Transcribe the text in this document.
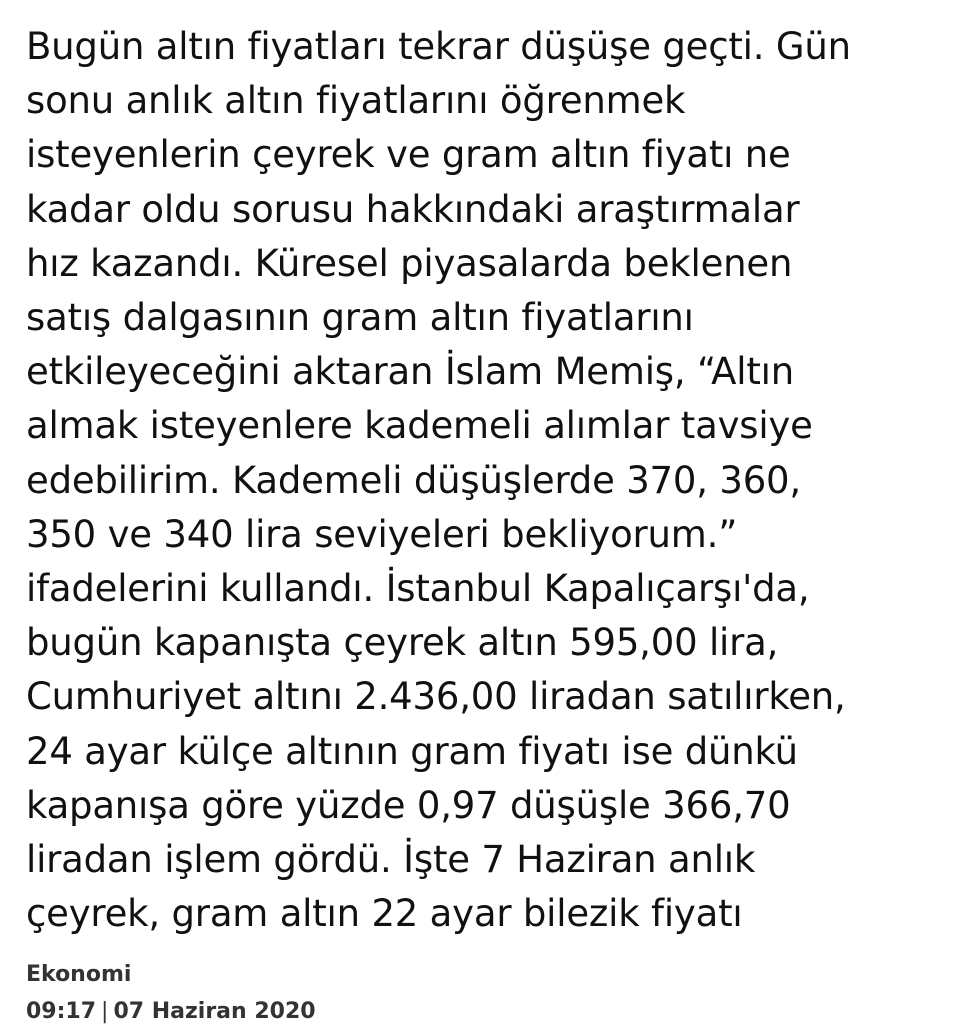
Bugün altın fiyatları tekrar düşüşe geçti. Gün
sonu anlık altın fiyatlarını öğrenmek
isteyenlerin çeyrek ve gram altın fiyatı ne
kadar oldu sorusu hakkındaki araştırmalar
hız kazandı. Küresel piyasalarda beklenen
satış dalgasının gram altın fiyatlarını
etkileyeceğini aktaran İslam Memiş, “Altın
almak isteyenlere kademeli alımlar tavsiye
edebilirim. Kademeli düşüşlerde 370, 360,
350 ve 340 lira seviyeleri bekliyorum.”
ifadelerini kullandı. İstanbul Kapalıçarşı'da,
bugün kapanışta çeyrek altın 595,00 lira,
Cumhuriyet altını 2.436,00 liradan satılırken,
24 ayar külçe altının gram fiyatı ise dünkü
kapanışa göre yüzde 0,97 düşüşle 366,70
liradan işlem gördü. İşte 7 Haziran anlık
çeyrek, gram altın 22 ayar bilezik fiyatı
Ekonomi
09:17 | 07 Haziran 2020
